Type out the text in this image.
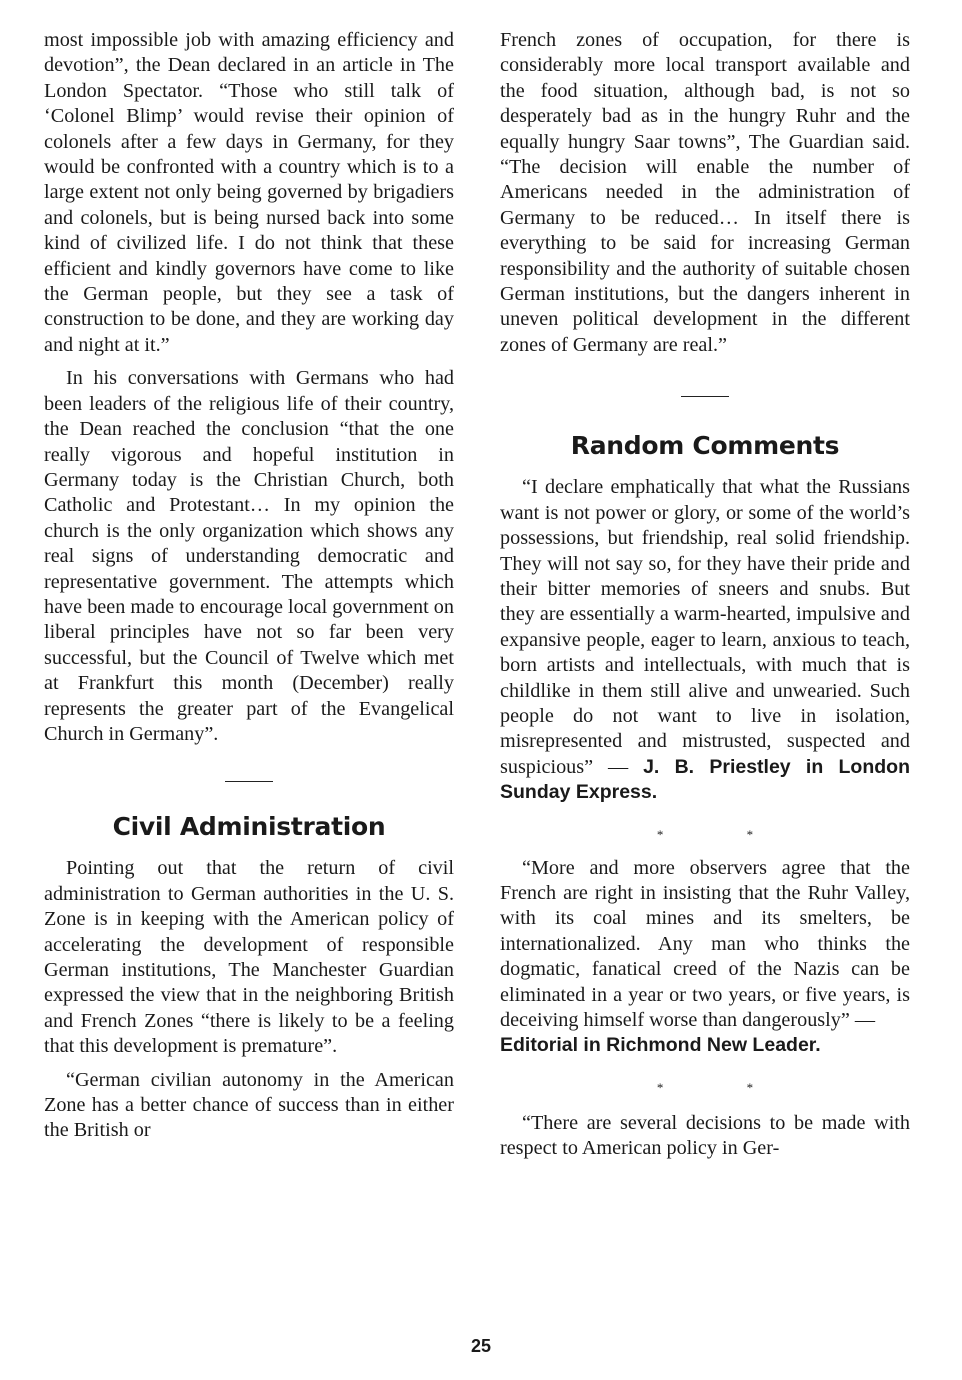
most impossible job with amazing efficiency and devotion”, the Dean declared in an article in The London Spectator. “Those who still talk of ‘Colonel Blimp’ would revise their opinion of colonels after a few days in Germany, for they would be confronted with a country which is to a large extent not only being governed by brigadiers and colonels, but is being nursed back into some kind of civilized life. I do not think that these efficient and kindly governors have come to like the German people, but they see a task of construction to be done, and they are working day and night at it.”

In his conversations with Germans who had been leaders of the religious life of their country, the Dean reached the conclusion “that the one really vigorous and hopeful institution in Germany today is the Christian Church, both Catholic and Protestant… In my opinion the church is the only organization which shows any real signs of understanding democratic and representative government. The attempts which have been made to encourage local government on liberal principles have not so far been very successful, but the Council of Twelve which met at Frankfurt this month (December) really represents the greater part of the Evangelical Church in Germany”.

Civil Administration

Pointing out that the return of civil administration to German authorities in the U. S. Zone is in keeping with the American policy of accelerating the development of responsible German institutions, The Manchester Guardian expressed the view that in the neighboring British and French Zones “there is likely to be a feeling that this development is premature”.

“German civilian autonomy in the American Zone has a better chance of success than in either the British or

French zones of occupation, for there is considerably more local transport available and the food situation, although bad, is not so desperately bad as in the hungry Ruhr and the equally hungry Saar towns”, The Guardian said. “The decision will enable the number of Americans needed in the administration of Germany to be reduced… In itself there is everything to be said for increasing German responsibility and the authority of suitable chosen German institutions, but the dangers inherent in uneven political development in the different zones of Germany are real.”

Random Comments

“I declare emphatically that what the Russians want is not power or glory, or some of the world’s possessions, but friendship, real solid friendship. They will not say so, for they have their pride and their bitter memories of sneers and snubs. But they are essentially a warm-hearted, impulsive and expansive people, eager to learn, anxious to teach, born artists and intellectuals, with much that is childlike in them still alive and unwearied. Such people do not want to live in isolation, misrepresented and mistrusted, suspected and suspicious” — J. B. Priestley in London Sunday Express.

* *

“More and more observers agree that the French are right in insisting that the Ruhr Valley, with its coal mines and its smelters, be internationalized. Any man who thinks the dogmatic, fanatical creed of the Nazis can be eliminated in a year or two years, or five years, is deceiving himself worse than dangerously” —
Editorial in Richmond New Leader.

* *

“There are several decisions to be made with respect to American policy in Ger-

25
